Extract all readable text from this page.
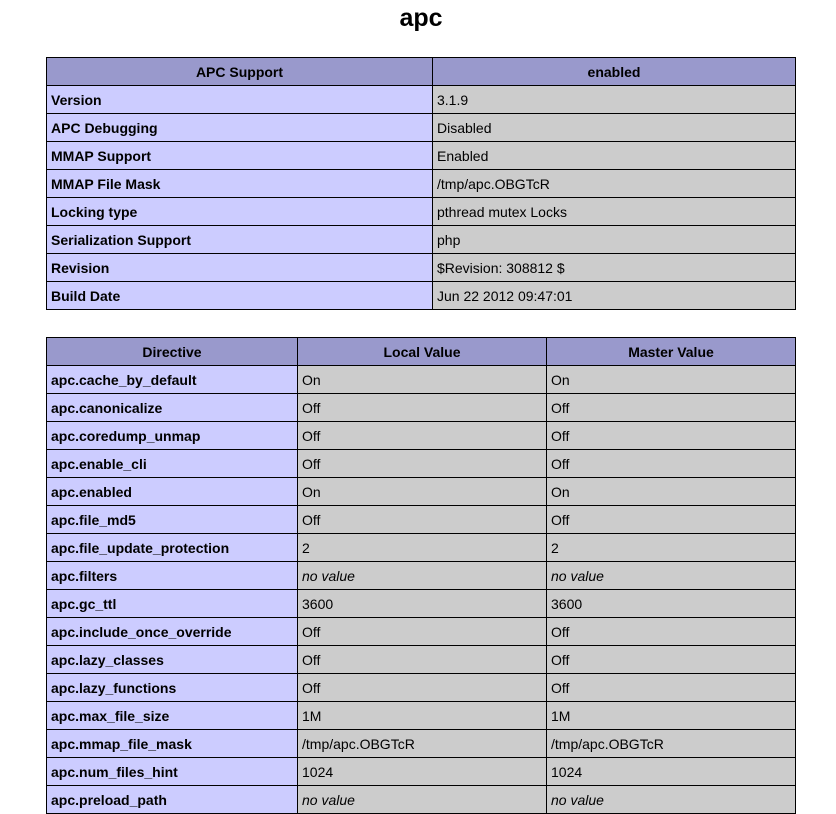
apc
APC Support	enabled
Version	3.1.9
APC Debugging	Disabled
MMAP Support	Enabled
MMAP File Mask	/tmp/apc.OBGTcR
Locking type	pthread mutex Locks
Serialization Support	php
Revision	$Revision: 308812 $
Build Date	Jun 22 2012 09:47:01
Directive	Local Value	Master Value
apc.cache_by_default	On	On
apc.canonicalize	Off	Off
apc.coredump_unmap	Off	Off
apc.enable_cli	Off	Off
apc.enabled	On	On
apc.file_md5	Off	Off
apc.file_update_protection	2	2
apc.filters	no value	no value
apc.gc_ttl	3600	3600
apc.include_once_override	Off	Off
apc.lazy_classes	Off	Off
apc.lazy_functions	Off	Off
apc.max_file_size	1M	1M
apc.mmap_file_mask	/tmp/apc.OBGTcR	/tmp/apc.OBGTcR
apc.num_files_hint	1024	1024
apc.preload_path	no value	no value
